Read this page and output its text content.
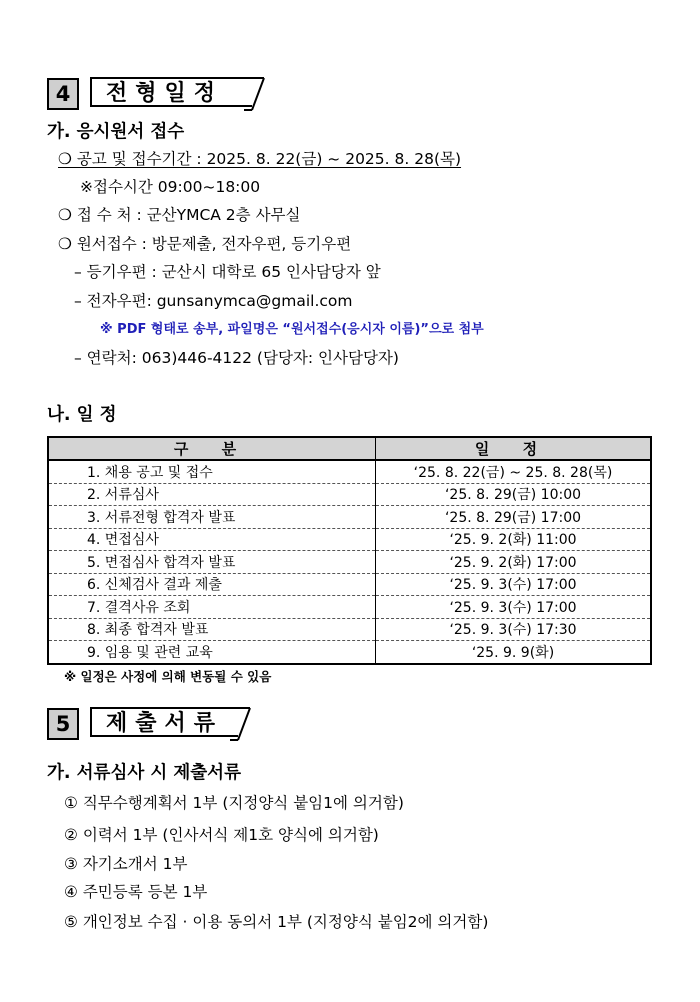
4	전형일정
가. 응시원서 접수
❍ 공고 및 접수기간 : 2025. 8. 22(금) ~ 2025. 8. 28(목)
※접수시간 09:00~18:00
❍ 접 수 처 : 군산YMCA 2층 사무실
❍ 원서접수 : 방문제출, 전자우편, 등기우편
– 등기우편 : 군산시 대학로 65 인사담당자 앞
– 전자우편: gunsanymca@gmail.com
※ PDF 형태로 송부, 파일명은 “원서접수(응시자 이름)”으로 첨부
– 연락처: 063)446-4122 (담당자: 인사담당자)
나. 일 정
구 분	일 정
1. 채용 공고 및 접수	‘25. 8. 22(금) ~ 25. 8. 28(목)
2. 서류심사	‘25. 8. 29(금) 10:00
3. 서류전형 합격자 발표	‘25. 8. 29(금) 17:00
4. 면접심사	‘25. 9. 2(화) 11:00
5. 면접심사 합격자 발표	‘25. 9. 2(화) 17:00
6. 신체검사 결과 제출	‘25. 9. 3(수) 17:00
7. 결격사유 조회	‘25. 9. 3(수) 17:00
8. 최종 합격자 발표	‘25. 9. 3(수) 17:30
9. 임용 및 관련 교육	‘25. 9. 9(화)
※ 일정은 사정에 의해 변동될 수 있음
5	제출서류
가. 서류심사 시 제출서류
① 직무수행계획서 1부 (지정양식 붙임1에 의거함)
② 이력서 1부 (인사서식 제1호 양식에 의거함)
③ 자기소개서 1부
④ 주민등록 등본 1부
⑤ 개인정보 수집 · 이용 동의서 1부 (지정양식 붙임2에 의거함)
